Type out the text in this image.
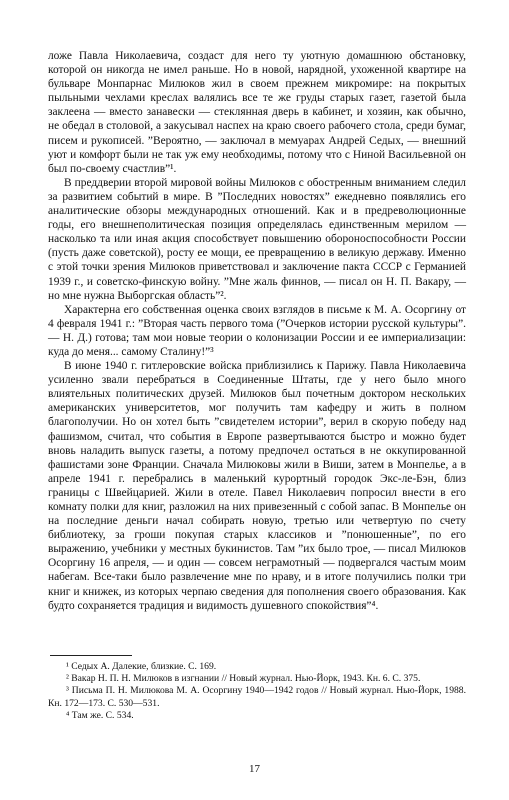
ложе Павла Николаевича, создаст для него ту уютную домашнюю обстановку, которой он никогда не имел раньше. Но в новой, нарядной, ухоженной квартире на бульваре Монпарнас Милюков жил в своем прежнем микромире: на покрытых пыльными чехлами креслах валялись все те же груды старых газет, газетой была заклеена — вместо занавески — стеклянная дверь в кабинет, и хозяин, как обычно, не обедал в столовой, а закусывал наспех на краю своего рабочего стола, среди бумаг, писем и рукописей. ”Вероятно, — заключал в мемуарах Андрей Седых, — внешний уют и комфорт были не так уж ему необходимы, потому что с Ниной Васильевной он был по-своему счастлив”¹.

В преддверии второй мировой войны Милюков с обостренным вниманием следил за развитием событий в мире. В ”Последних новостях” ежедневно появлялись его аналитические обзоры международных отношений. Как и в предреволюционные годы, его внешнеполитическая позиция определялась единственным мерилом — насколько та или иная акция способствует повышению обороноспособности России (пусть даже советской), росту ее мощи, ее превращению в великую державу. Именно с этой точки зрения Милюков приветствовал и заключение пакта СССР с Германией 1939 г., и советско-финскую войну. ”Мне жаль финнов, — писал он Н. П. Вакару, — но мне нужна Выборгская область”².

Характерна его собственная оценка своих взглядов в письме к М. А. Осоргину от 4 февраля 1941 г.: ”Вторая часть первого тома (”Очерков истории русской культуры”. — Н. Д.) готова; там мои новые теории о колонизации России и ее империализации: куда до меня... самому Сталину!”³

В июне 1940 г. гитлеровские войска приблизились к Парижу. Павла Николаевича усиленно звали перебраться в Соединенные Штаты, где у него было много влиятельных политических друзей. Милюков был почетным доктором нескольких американских университетов, мог получить там кафедру и жить в полном благополучии. Но он хотел быть ”свидетелем истории”, верил в скорую победу над фашизмом, считал, что события в Европе развертываются быстро и можно будет вновь наладить выпуск газеты, а потому предпочел остаться в не оккупированной фашистами зоне Франции. Сначала Милюковы жили в Виши, затем в Монпелье, а в апреле 1941 г. перебрались в маленький курортный городок Экс-ле-Бэн, близ границы с Швейцарией. Жили в отеле. Павел Николаевич попросил внести в его комнату полки для книг, разложил на них привезенный с собой запас. В Монпелье он на последние деньги начал собирать новую, третью или четвертую по счету библиотеку, за гроши покупая старых классиков и ”понюшенные”, по его выражению, учебники у местных букинистов. Там ”их было трое, — писал Милюков Осоргину 16 апреля, — и один — совсем неграмотный — подвергался частым моим набегам. Все-таки было развлечение мне по нраву, и в итоге получились полки три книг и книжек, из которых черпаю сведения для пополнения своего образования. Как будто сохраняется традиция и видимость душевного спокойствия”⁴.

¹ Седых А. Далекие, близкие. С. 169.

² Вакар Н. П. Н. Милюков в изгнании // Новый журнал. Нью-Йорк, 1943. Кн. 6. С. 375.

³ Письма П. Н. Милюкова М. А. Осоргину 1940—1942 годов // Новый журнал. Нью-Йорк, 1988. Кн. 172—173. С. 530—531.

⁴ Там же. С. 534.

17
